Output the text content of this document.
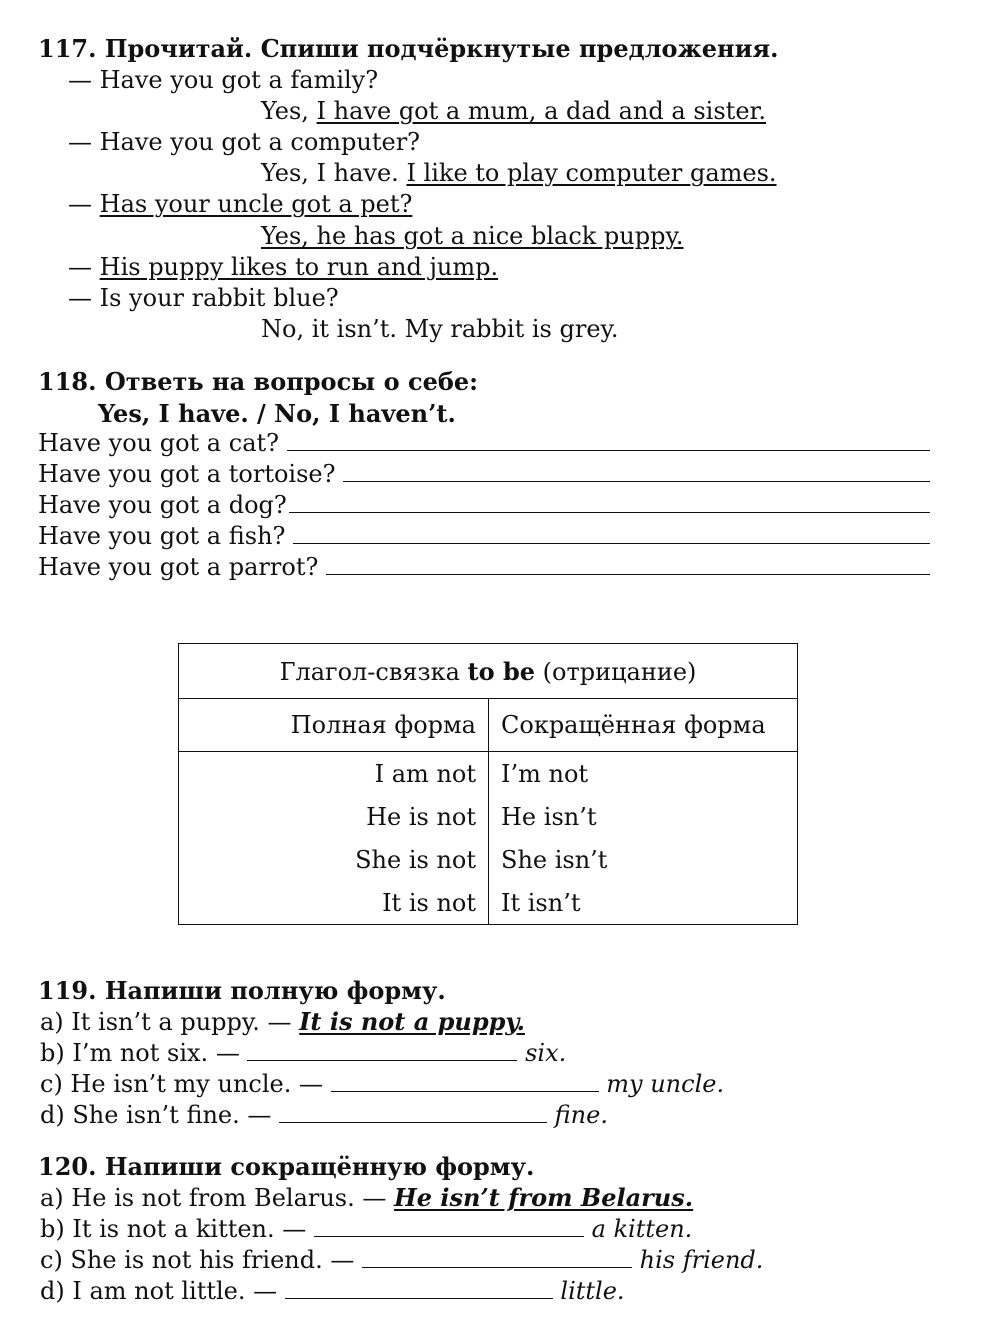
117. Прочитай. Спиши подчёркнутые предложения.
— Have you got a family?
Yes, I have got a mum, a dad and a sister.
— Have you got a computer?
Yes, I have. I like to play computer games.
— Has your uncle got a pet?
Yes, he has got a nice black puppy.
— His puppy likes to run and jump.
— Is your rabbit blue?
No, it isn’t. My rabbit is grey.
118. Ответь на вопросы о себе:
Yes, I have. / No, I haven’t.
Have you got a cat?
Have you got a tortoise?
Have you got a dog?
Have you got a fish?
Have you got a parrot?
Глагол-связка to be (отрицание)	
Полная форма	Сокращённая форма
I am not	I’m not
He is not	He isn’t
She is not	She isn’t
It is not	It isn’t
119. Напиши полную форму.
a) It isn’t a puppy. — It is not a puppy.
b) I’m not six. —	six.
c) He isn’t my uncle. —	my uncle.
d) She isn’t fine. —	fine.
120. Напиши сокращённую форму.
a) He is not from Belarus. — He isn’t from Belarus.
b) It is not a kitten. —	a kitten.
c) She is not his friend. —	his friend.
d) I am not little. —	little.
